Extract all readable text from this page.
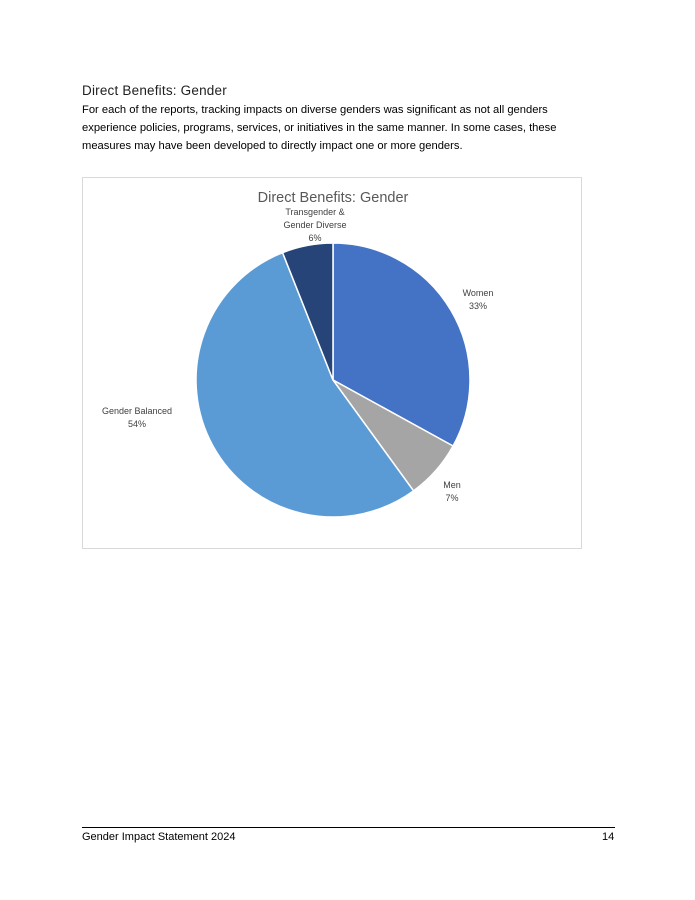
Direct Benefits: Gender

For each of the reports, tracking impacts on diverse genders was significant as not all genders experience policies, programs, services, or initiatives in the same manner. In some cases, these measures may have been developed to directly impact one or more genders.

Direct Benefits: Gender
Women 33%
Men 7%
Gender Balanced 54%
Transgender & Gender Diverse 6%
Gender Impact Statement 2024	14
